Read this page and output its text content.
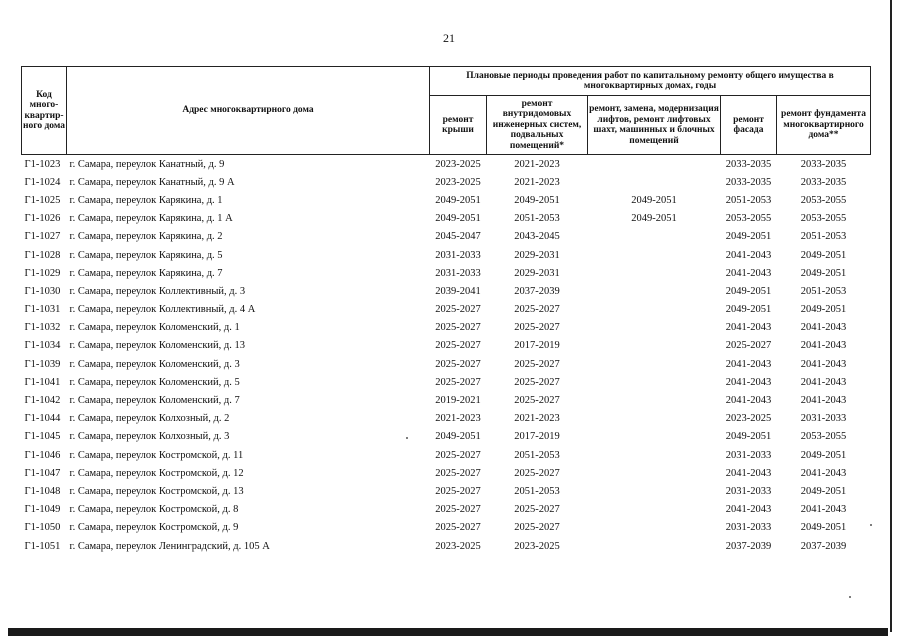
21
Код много-квартир-ного дома	Адрес многоквартирного дома	Плановые периоды проведения работ по капитальному ремонту общего имущества в многоквартирных домах, годы				
		ремонт крыши	ремонт внутридомовых инженерных систем, подвальных помещений*	ремонт, замена, модернизация лифтов, ремонт лифтовых шахт, машинных и блочных помещений	ремонт фасада	ремонт фундамента многоквартирного дома**
Г1-1023	г. Самара, переулок Канатный, д. 9	2023-2025	2021-2023		2033-2035	2033-2035
Г1-1024	г. Самара, переулок Канатный, д. 9 А	2023-2025	2021-2023		2033-2035	2033-2035
Г1-1025	г. Самара, переулок Карякина, д. 1	2049-2051	2049-2051	2049-2051	2051-2053	2053-2055
Г1-1026	г. Самара, переулок Карякина, д. 1 А	2049-2051	2051-2053	2049-2051	2053-2055	2053-2055
Г1-1027	г. Самара, переулок Карякина, д. 2	2045-2047	2043-2045		2049-2051	2051-2053
Г1-1028	г. Самара, переулок Карякина, д. 5	2031-2033	2029-2031		2041-2043	2049-2051
Г1-1029	г. Самара, переулок Карякина, д. 7	2031-2033	2029-2031		2041-2043	2049-2051
Г1-1030	г. Самара, переулок Коллективный, д. 3	2039-2041	2037-2039		2049-2051	2051-2053
Г1-1031	г. Самара, переулок Коллективный, д. 4 А	2025-2027	2025-2027		2049-2051	2049-2051
Г1-1032	г. Самара, переулок Коломенский, д. 1	2025-2027	2025-2027		2041-2043	2041-2043
Г1-1034	г. Самара, переулок Коломенский, д. 13	2025-2027	2017-2019		2025-2027	2041-2043
Г1-1039	г. Самара, переулок Коломенский, д. 3	2025-2027	2025-2027		2041-2043	2041-2043
Г1-1041	г. Самара, переулок Коломенский, д. 5	2025-2027	2025-2027		2041-2043	2041-2043
Г1-1042	г. Самара, переулок Коломенский, д. 7	2019-2021	2025-2027		2041-2043	2041-2043
Г1-1044	г. Самара, переулок Колхозный, д. 2	2021-2023	2021-2023		2023-2025	2031-2033
Г1-1045	г. Самара, переулок Колхозный, д. 3	2049-2051	2017-2019		2049-2051	2053-2055
Г1-1046	г. Самара, переулок Костромской, д. 11	2025-2027	2051-2053		2031-2033	2049-2051
Г1-1047	г. Самара, переулок Костромской, д. 12	2025-2027	2025-2027		2041-2043	2041-2043
Г1-1048	г. Самара, переулок Костромской, д. 13	2025-2027	2051-2053		2031-2033	2049-2051
Г1-1049	г. Самара, переулок Костромской, д. 8	2025-2027	2025-2027		2041-2043	2041-2043
Г1-1050	г. Самара, переулок Костромской, д. 9	2025-2027	2025-2027		2031-2033	2049-2051
Г1-1051	г. Самара, переулок Ленинградский, д. 105 А	2023-2025	2023-2025		2037-2039	2037-2039
